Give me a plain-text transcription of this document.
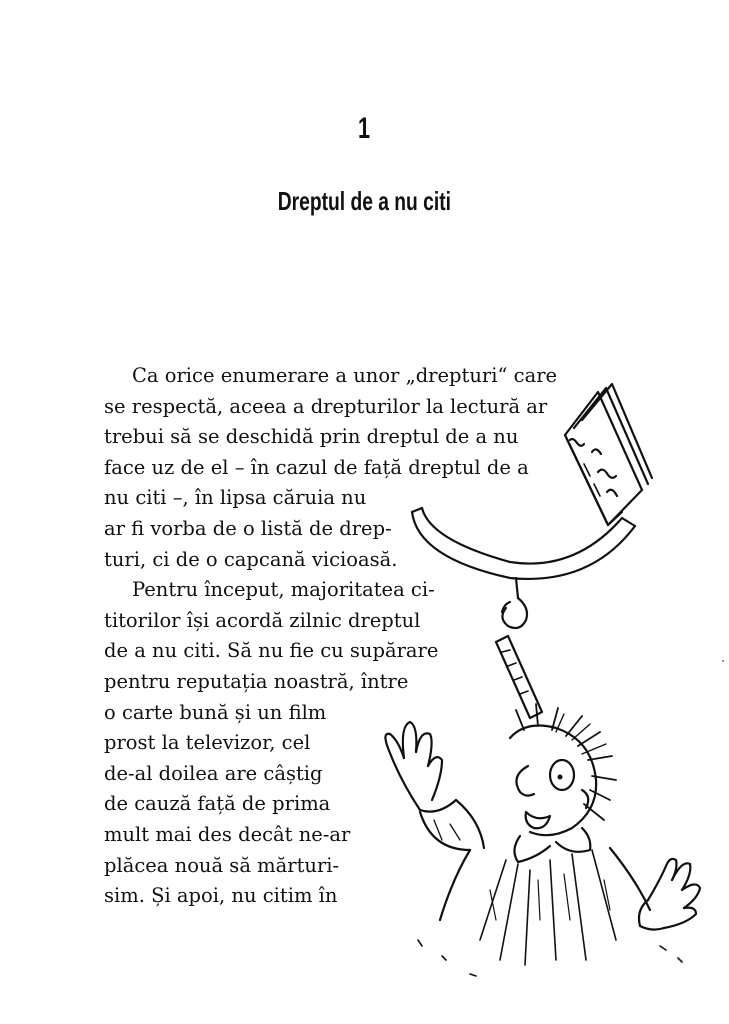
1
Dreptul de a nu citi
Ca orice enumerare a unor „drepturi“ care
se respectă, aceea a drepturilor la lectură ar
trebui să se deschidă prin dreptul de a nu
face uz de el – în cazul de față dreptul de a
nu citi –, în lipsa căruia nu
ar fi vorba de o listă de drep-
turi, ci de o capcană vicioasă.
Pentru început, majoritatea ci-
titorilor își acordă zilnic dreptul
de a nu citi. Să nu fie cu supărare
pentru reputația noastră, între
o carte bună și un film
prost la televizor, cel
de-al doilea are câștig
de cauză față de prima
mult mai des decât ne-ar
plăcea nouă să mărturi-
sim. Și apoi, nu citim în
